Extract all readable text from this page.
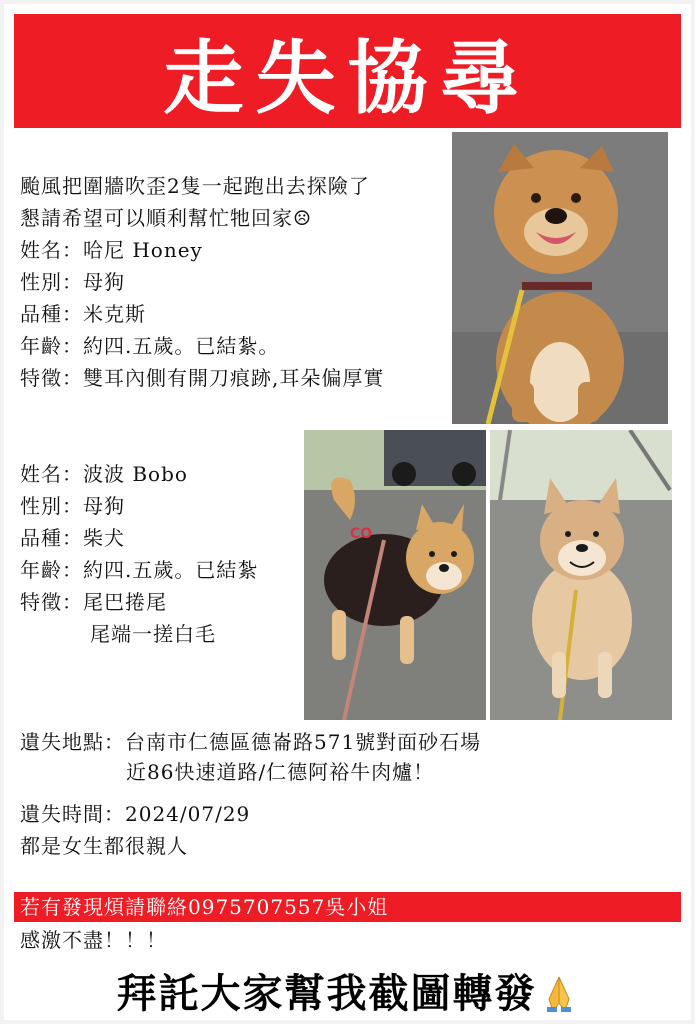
走失協尋
颱風把圍牆吹歪2隻一起跑出去探險了
懇請希望可以順利幫忙牠回家☹
姓名：哈尼 Honey
性別：母狗
品種：米克斯
年齡：約四.五歲。已結紮。
特徵：雙耳內側有開刀痕跡,耳朵偏厚實
姓名：波波 Bobo
性別：母狗
品種：柴犬
年齡：約四.五歲。已結紮
特徵：尾巴捲尾
尾端一搓白毛
CO
遺失地點：台南市仁德區德崙路571號對面砂石場
近86快速道路/仁德阿裕牛肉爐！
遺失時間：2024/07/29
都是女生都很親人
若有發現煩請聯絡0975707557吳小姐
感激不盡！！！
拜託大家幫我截圖轉發
